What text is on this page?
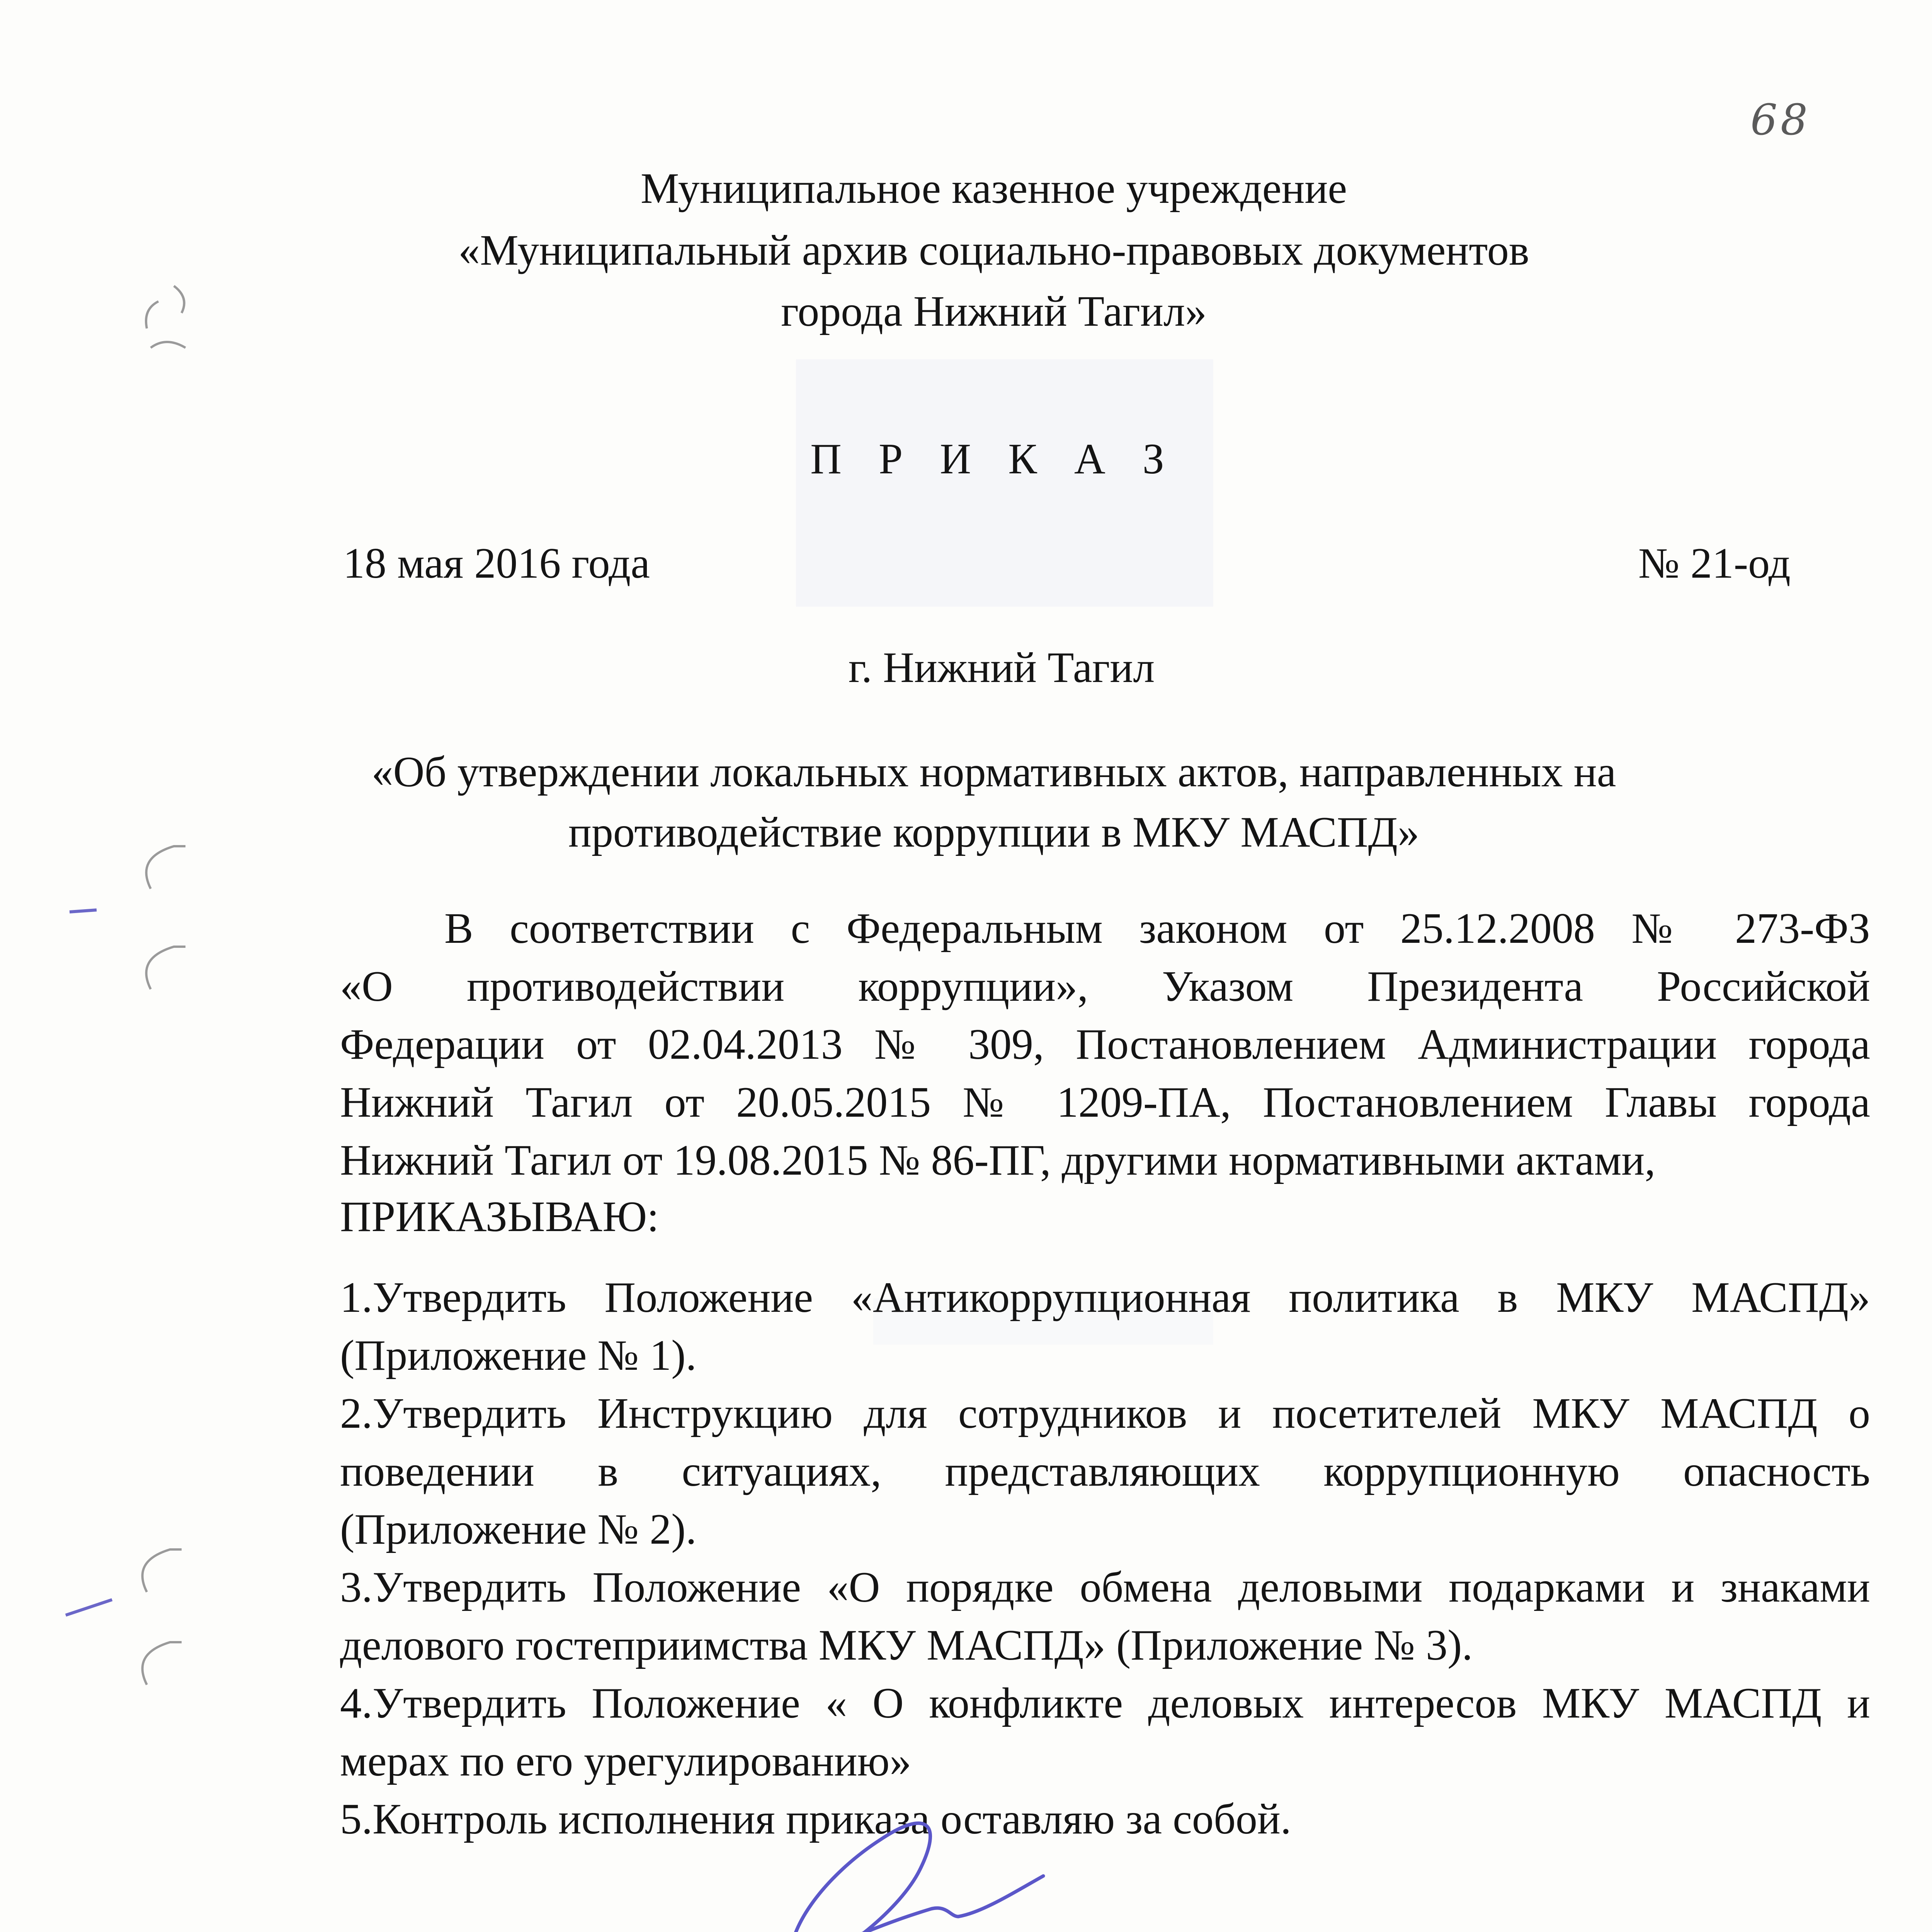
68
Муниципальное казенное учреждение
«Муниципальный архив социально-правовых документов
города Нижний Тагил»
П Р И К А З
18 мая 2016 года	№ 21-од
г. Нижний Тагил
«Об утверждении локальных нормативных актов, направленных на
противодействие коррупции в МКУ МАСПД»
В соответствии с Федеральным законом от 25.12.2008 № 273-ФЗ
«О противодействии коррупции», Указом Президента Российской
Федерации от 02.04.2013 № 309, Постановлением Администрации города
Нижний Тагил от 20.05.2015 № 1209-ПА, Постановлением Главы города
Нижний Тагил от 19.08.2015 № 86-ПГ, другими нормативными актами,
ПРИКАЗЫВАЮ:
1.Утвердить Положение «Антикоррупционная политика в МКУ МАСПД»
(Приложение № 1).
2.Утвердить Инструкцию для сотрудников и посетителей МКУ МАСПД о
поведении в ситуациях, представляющих коррупционную опасность
(Приложение № 2).
3.Утвердить Положение «О порядке обмена деловыми подарками и знаками
делового гостеприимства МКУ МАСПД» (Приложение № 3).
4.Утвердить Положение « О конфликте деловых интересов МКУ МАСПД и
мерах по его урегулированию»
5.Контроль исполнения приказа оставляю за собой.
